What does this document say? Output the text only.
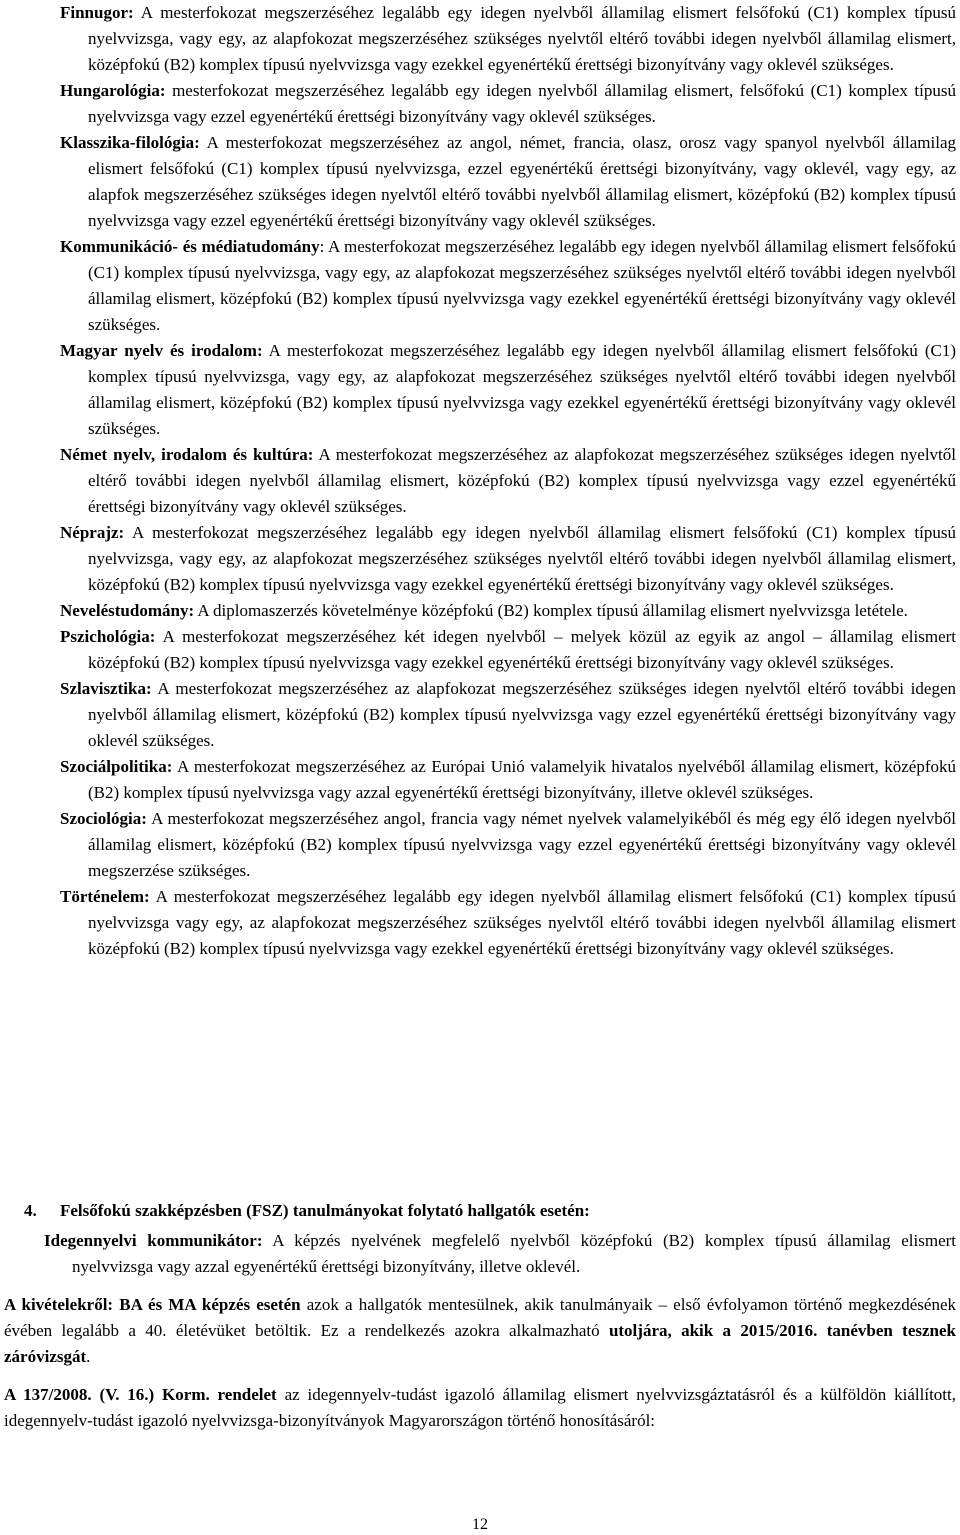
Finnugor: A mesterfokozat megszerzéséhez legalább egy idegen nyelvből államilag elismert felsőfokú (C1) komplex típusú nyelvvizsga, vagy egy, az alapfokozat megszerzéséhez szükséges nyelvtől eltérő további idegen nyelvből államilag elismert, középfokú (B2) komplex típusú nyelvvizsga vagy ezekkel egyenértékű érettségi bizonyítvány vagy oklevél szükséges.

Hungarológia: mesterfokozat megszerzéséhez legalább egy idegen nyelvből államilag elismert, felsőfokú (C1) komplex típusú nyelvvizsga vagy ezzel egyenértékű érettségi bizonyítvány vagy oklevél szükséges.

Klasszika-filológia: A mesterfokozat megszerzéséhez az angol, német, francia, olasz, orosz vagy spanyol nyelvből államilag elismert felsőfokú (C1) komplex típusú nyelvvizsga, ezzel egyenértékű érettségi bizonyítvány, vagy oklevél, vagy egy, az alapfok megszerzéséhez szükséges idegen nyelvtől eltérő további nyelvből államilag elismert, középfokú (B2) komplex típusú nyelvvizsga vagy ezzel egyenértékű érettségi bizonyítvány vagy oklevél szükséges.

Kommunikáció- és médiatudomány: A mesterfokozat megszerzéséhez legalább egy idegen nyelvből államilag elismert felsőfokú (C1) komplex típusú nyelvvizsga, vagy egy, az alapfokozat megszerzéséhez szükséges nyelvtől eltérő további idegen nyelvből államilag elismert, középfokú (B2) komplex típusú nyelvvizsga vagy ezekkel egyenértékű érettségi bizonyítvány vagy oklevél szükséges.

Magyar nyelv és irodalom: A mesterfokozat megszerzéséhez legalább egy idegen nyelvből államilag elismert felsőfokú (C1) komplex típusú nyelvvizsga, vagy egy, az alapfokozat megszerzéséhez szükséges nyelvtől eltérő további idegen nyelvből államilag elismert, középfokú (B2) komplex típusú nyelvvizsga vagy ezekkel egyenértékű érettségi bizonyítvány vagy oklevél szükséges.

Német nyelv, irodalom és kultúra: A mesterfokozat megszerzéséhez az alapfokozat megszerzéséhez szükséges idegen nyelvtől eltérő további idegen nyelvből államilag elismert, középfokú (B2) komplex típusú nyelvvizsga vagy ezzel egyenértékű érettségi bizonyítvány vagy oklevél szükséges.

Néprajz: A mesterfokozat megszerzéséhez legalább egy idegen nyelvből államilag elismert felsőfokú (C1) komplex típusú nyelvvizsga, vagy egy, az alapfokozat megszerzéséhez szükséges nyelvtől eltérő további idegen nyelvből államilag elismert, középfokú (B2) komplex típusú nyelvvizsga vagy ezekkel egyenértékű érettségi bizonyítvány vagy oklevél szükséges.

Neveléstudomány: A diplomaszerzés követelménye középfokú (B2) komplex típusú államilag elismert nyelvvizsga letétele.

Pszichológia: A mesterfokozat megszerzéséhez két idegen nyelvből – melyek közül az egyik az angol – államilag elismert középfokú (B2) komplex típusú nyelvvizsga vagy ezekkel egyenértékű érettségi bizonyítvány vagy oklevél szükséges.

Szlavisztika: A mesterfokozat megszerzéséhez az alapfokozat megszerzéséhez szükséges idegen nyelvtől eltérő további idegen nyelvből államilag elismert, középfokú (B2) komplex típusú nyelvvizsga vagy ezzel egyenértékű érettségi bizonyítvány vagy oklevél szükséges.

Szociálpolitika: A mesterfokozat megszerzéséhez az Európai Unió valamelyik hivatalos nyelvéből államilag elismert, középfokú (B2) komplex típusú nyelvvizsga vagy azzal egyenértékű érettségi bizonyítvány, illetve oklevél szükséges.

Szociológia: A mesterfokozat megszerzéséhez angol, francia vagy német nyelvek valamelyikéből és még egy élő idegen nyelvből államilag elismert, középfokú (B2) komplex típusú nyelvvizsga vagy ezzel egyenértékű érettségi bizonyítvány vagy oklevél megszerzése szükséges.

Történelem: A mesterfokozat megszerzéséhez legalább egy idegen nyelvből államilag elismert felsőfokú (C1) komplex típusú nyelvvizsga vagy egy, az alapfokozat megszerzéséhez szükséges nyelvtől eltérő további idegen nyelvből államilag elismert középfokú (B2) komplex típusú nyelvvizsga vagy ezekkel egyenértékű érettségi bizonyítvány vagy oklevél szükséges.

4. Felsőfokú szakképzésben (FSZ) tanulmányokat folytató hallgatók esetén:

Idegennyelvi kommunikátor: A képzés nyelvének megfelelő nyelvből középfokú (B2) komplex típusú államilag elismert nyelvvizsga vagy azzal egyenértékű érettségi bizonyítvány, illetve oklevél.

A kivételekről: BA és MA képzés esetén azok a hallgatók mentesülnek, akik tanulmányaik – első évfolyamon történő megkezdésének évében legalább a 40. életévüket betöltik. Ez a rendelkezés azokra alkalmazható utoljára, akik a 2015/2016. tanévben tesznek záróvizsgát.

A 137/2008. (V. 16.) Korm. rendelet az idegennyelv-tudást igazoló államilag elismert nyelvvizsgáztatásról és a külföldön kiállított, idegennyelv-tudást igazoló nyelvvizsga-bizonyítványok Magyarországon történő honosításáról:

12
